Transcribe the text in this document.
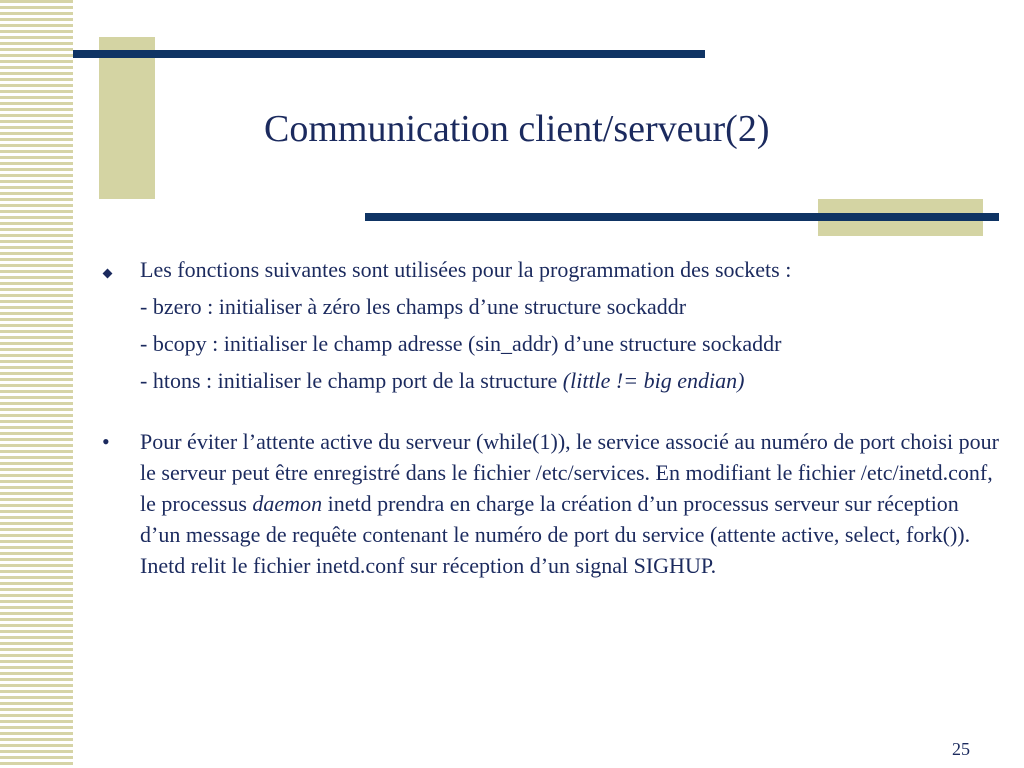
Communication client/serveur(2)
Les fonctions suivantes sont utilisées pour la programmation des sockets :
- bzero : initialiser à zéro les champs d’une structure sockaddr
- bcopy : initialiser le champ adresse (sin_addr) d’une structure sockaddr
- htons : initialiser le champ port de la structure (little != big endian)
•	Pour éviter l’attente active du serveur (while(1)), le service associé au numéro de port choisi pour le serveur peut être enregistré dans le fichier /etc/services. En modifiant le fichier /etc/inetd.conf, le processus daemon inetd prendra en charge la création d’un processus serveur sur réception d’un message de requête contenant le numéro de port du service (attente active, select, fork()). Inetd relit le fichier inetd.conf sur réception d’un signal SIGHUP.
25
